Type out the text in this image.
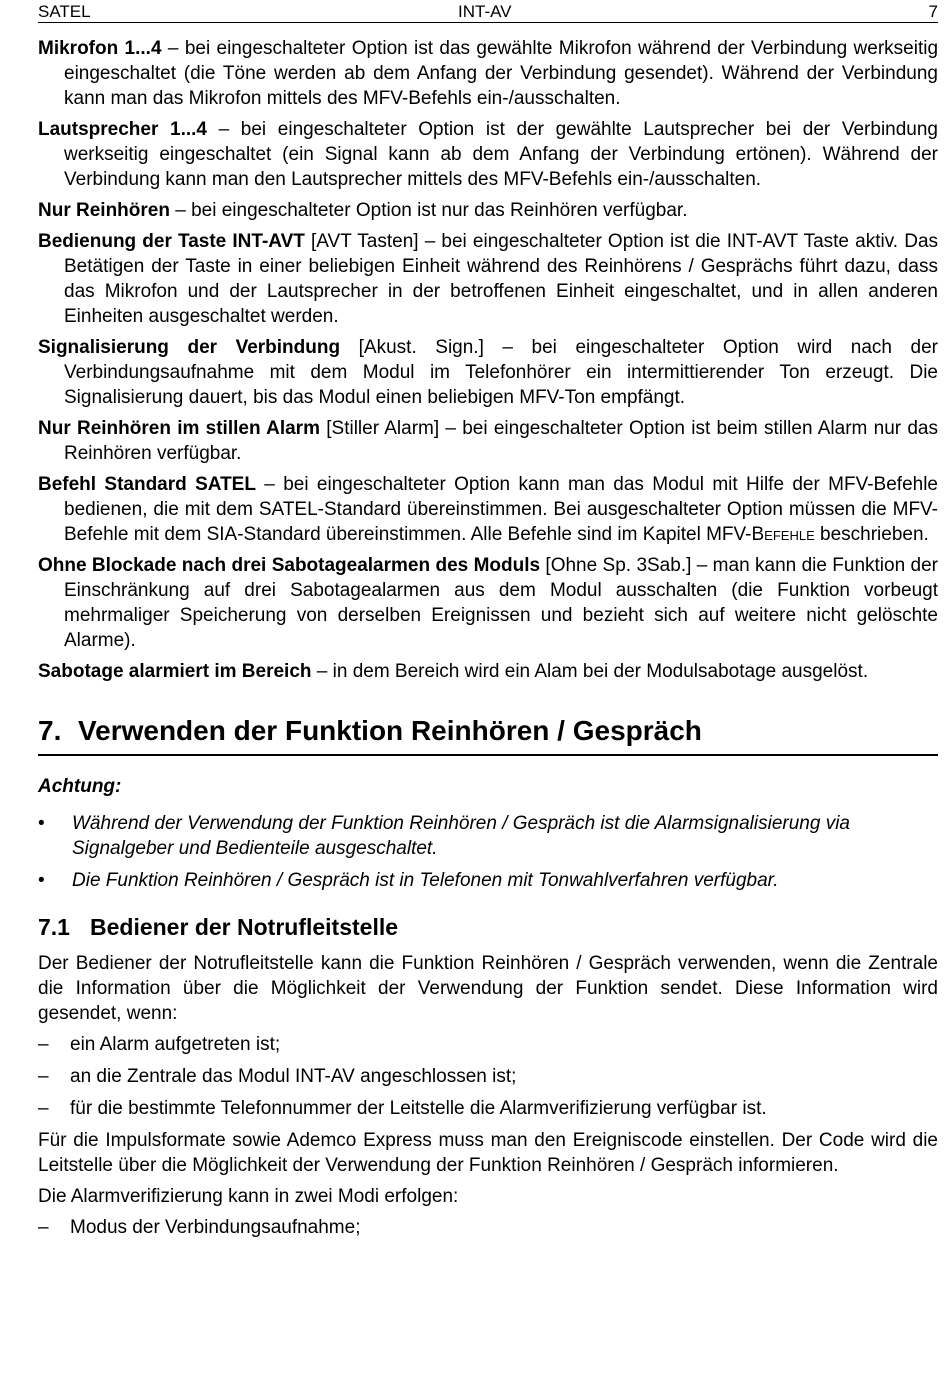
SATEL	INT-AV	7

Mikrofon 1...4 – bei eingeschalteter Option ist das gewählte Mikrofon während der Verbindung werkseitig eingeschaltet (die Töne werden ab dem Anfang der Verbindung gesendet). Während der Verbindung kann man das Mikrofon mittels des MFV-Befehls ein-/ausschalten.

Lautsprecher 1...4 – bei eingeschalteter Option ist der gewählte Lautsprecher bei der Verbindung werkseitig eingeschaltet (ein Signal kann ab dem Anfang der Verbindung ertönen). Während der Verbindung kann man den Lautsprecher mittels des MFV-Befehls ein-/ausschalten.

Nur Reinhören – bei eingeschalteter Option ist nur das Reinhören verfügbar.

Bedienung der Taste INT-AVT [AVT Tasten] – bei eingeschalteter Option ist die INT-AVT Taste aktiv. Das Betätigen der Taste in einer beliebigen Einheit während des Reinhörens / Gesprächs führt dazu, dass das Mikrofon und der Lautsprecher in der betroffenen Einheit eingeschaltet, und in allen anderen Einheiten ausgeschaltet werden.

Signalisierung der Verbindung [Akust. Sign.] – bei eingeschalteter Option wird nach der Verbindungsaufnahme mit dem Modul im Telefonhörer ein intermittierender Ton erzeugt. Die Signalisierung dauert, bis das Modul einen beliebigen MFV-Ton empfängt.

Nur Reinhören im stillen Alarm [Stiller Alarm] – bei eingeschalteter Option ist beim stillen Alarm nur das Reinhören verfügbar.

Befehl Standard SATEL – bei eingeschalteter Option kann man das Modul mit Hilfe der MFV-Befehle bedienen, die mit dem SATEL-Standard übereinstimmen. Bei ausgeschalteter Option müssen die MFV-Befehle mit dem SIA-Standard übereinstimmen. Alle Befehle sind im Kapitel MFV-Befehle beschrieben.

Ohne Blockade nach drei Sabotagealarmen des Moduls [Ohne Sp. 3Sab.] – man kann die Funktion der Einschränkung auf drei Sabotagealarmen aus dem Modul ausschalten (die Funktion vorbeugt mehrmaliger Speicherung von derselben Ereignissen und bezieht sich auf weitere nicht gelöschte Alarme).

Sabotage alarmiert im Bereich – in dem Bereich wird ein Alam bei der Modulsabotage ausgelöst.

7. Verwenden der Funktion Reinhören / Gespräch
Achtung:
• Während der Verwendung der Funktion Reinhören / Gespräch ist die Alarmsignalisierung via Signalgeber und Bedienteile ausgeschaltet.
• Die Funktion Reinhören / Gespräch ist in Telefonen mit Tonwahlverfahren verfügbar.
7.1 Bediener der Notrufleitstelle

Der Bediener der Notrufleitstelle kann die Funktion Reinhören / Gespräch verwenden, wenn die Zentrale die Information über die Möglichkeit der Verwendung der Funktion sendet. Diese Information wird gesendet, wenn:

– ein Alarm aufgetreten ist;
– an die Zentrale das Modul INT-AV angeschlossen ist;
– für die bestimmte Telefonnummer der Leitstelle die Alarmverifizierung verfügbar ist.

Für die Impulsformate sowie Ademco Express muss man den Ereigniscode einstellen. Der Code wird die Leitstelle über die Möglichkeit der Verwendung der Funktion Reinhören / Gespräch informieren.

Die Alarmverifizierung kann in zwei Modi erfolgen:

– Modus der Verbindungsaufnahme;
